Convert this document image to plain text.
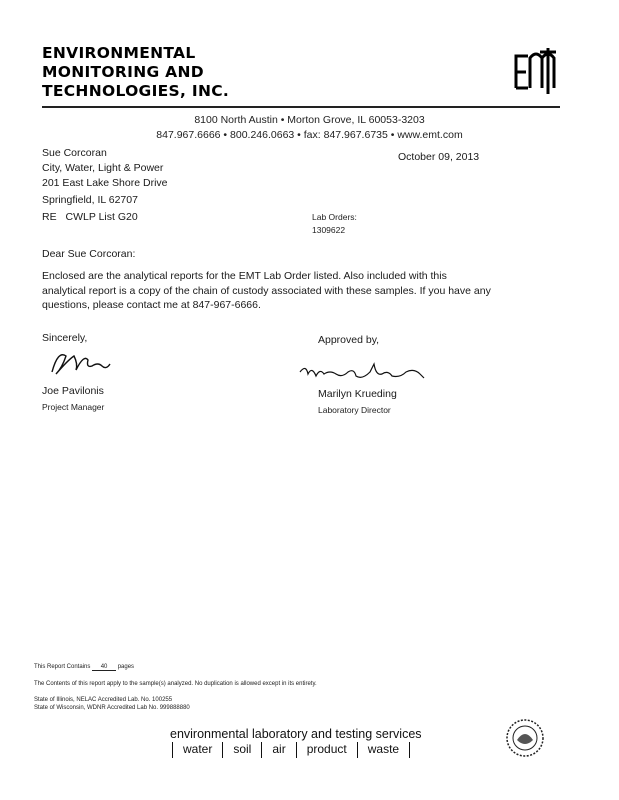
ENVIRONMENTAL
MONITORING AND
TECHNOLOGIES, INC.
8100 North Austin • Morton Grove, IL 60053-3203
847.967.6666 • 800.246.0663 • fax: 847.967.6735 • www.emt.com
Sue Corcoran
City, Water, Light & Power
201 East Lake Shore Drive
Springfield, IL 62707
October 09, 2013
RE CWLP List G20	Lab Orders:
1309622
Dear Sue Corcoran:
Enclosed are the analytical reports for the EMT Lab Order listed. Also included with this analytical report is a copy of the chain of custody associated with these samples. If you have any questions, please contact me at 847-967-6666.
Sincerely,	Approved by,
Joe Pavilonis
Project Manager
Marilyn Krueding
Laboratory Director
This Report Contains 40 pages
The Contents of this report apply to the sample(s) analyzed. No duplication is allowed except in its entirety.
State of Illinois, NELAC Accredited Lab. No. 100255
State of Wisconsin, WDNR Accredited Lab No. 999888880
environmental laboratory and testing services
water	soil	air	product	waste
